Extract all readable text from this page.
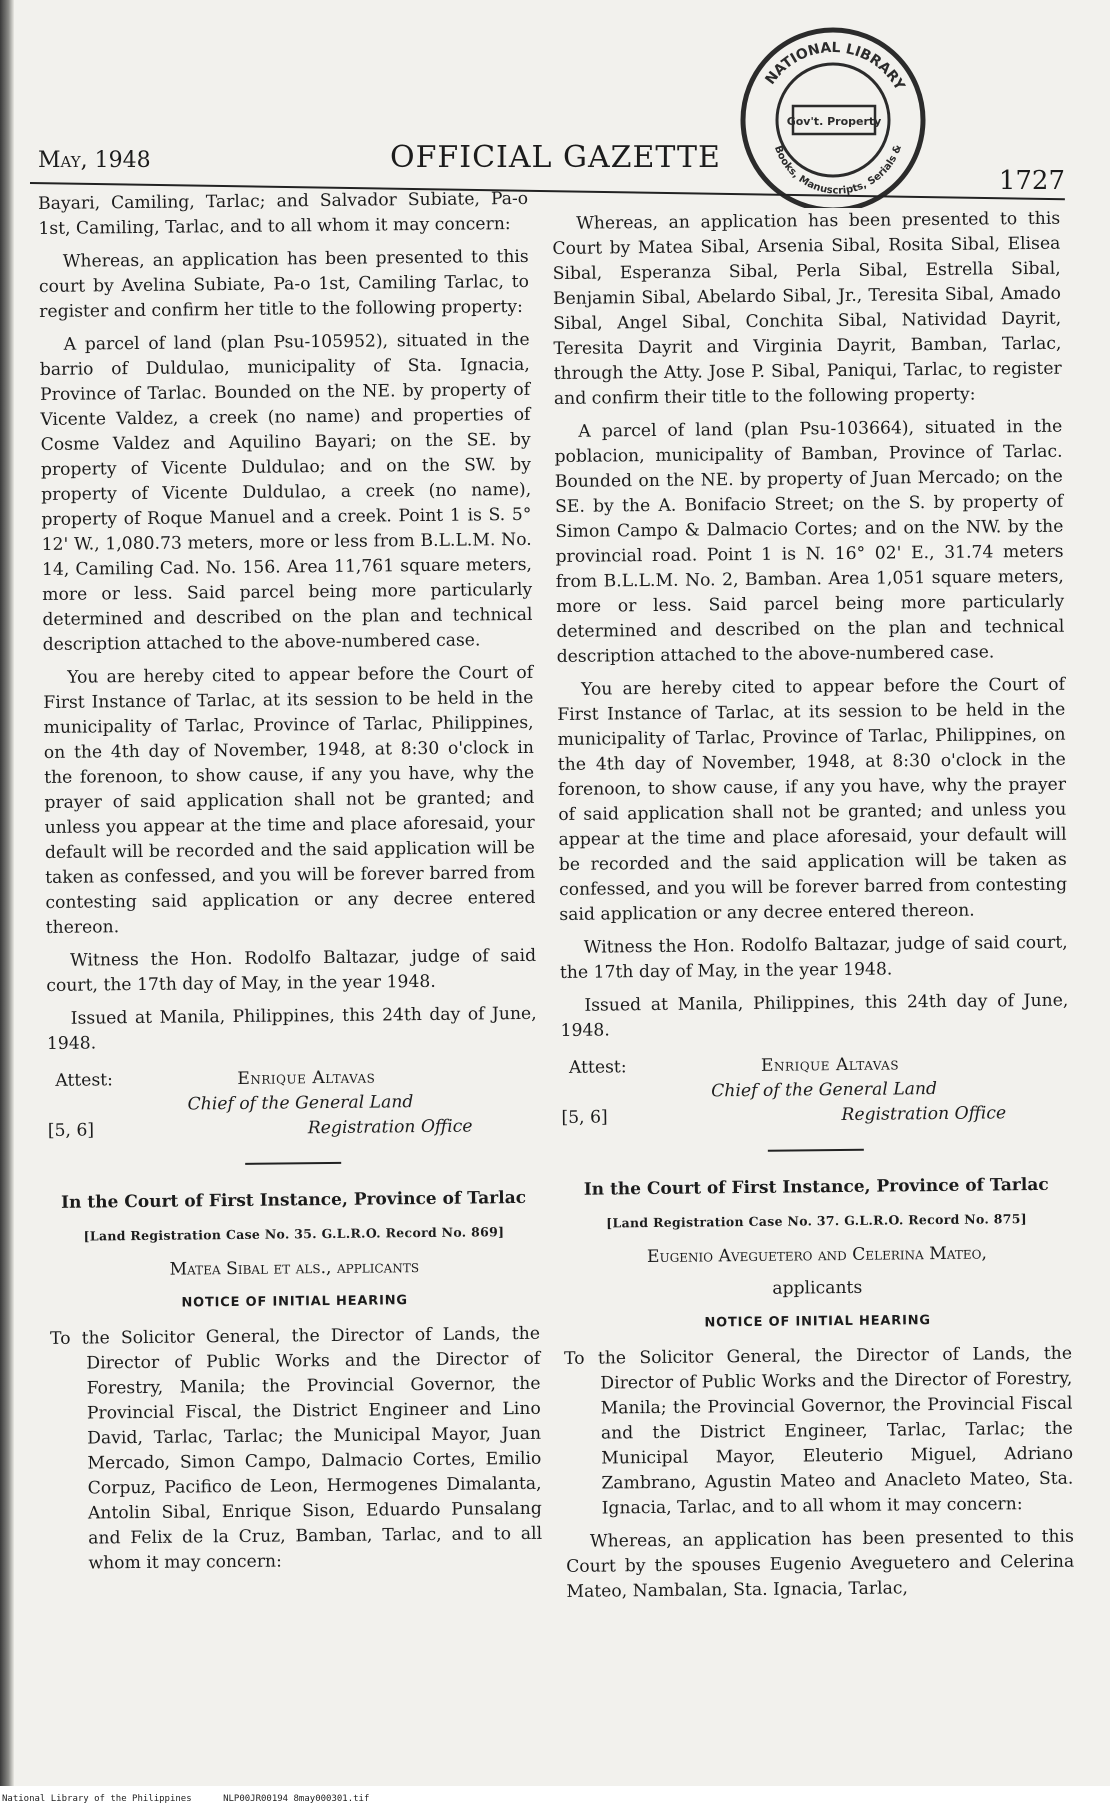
NATIONAL LIBRARY
Books, Manuscripts, Serials &
Gov't. Property
May, 1948	OFFICIAL GAZETTE
1727

Bayari, Camiling, Tarlac; and Salvador Subiate, Pa-o 1st, Camiling, Tarlac, and to all whom it may concern:

Whereas, an application has been presented to this court by Avelina Subiate, Pa-o 1st, Camiling Tarlac, to register and confirm her title to the following property:

A parcel of land (plan Psu-105952), situated in the barrio of Duldulao, municipality of Sta. Ignacia, Province of Tarlac. Bounded on the NE. by property of Vicente Valdez, a creek (no name) and properties of Cosme Valdez and Aquilino Bayari; on the SE. by property of Vicente Duldulao; and on the SW. by property of Vicente Duldulao, a creek (no name), property of Roque Manuel and a creek. Point 1 is S. 5° 12' W., 1,080.73 meters, more or less from B.L.L.M. No. 14, Camiling Cad. No. 156. Area 11,761 square meters, more or less. Said parcel being more particularly determined and described on the plan and technical description attached to the above-numbered case.

You are hereby cited to appear before the Court of First Instance of Tarlac, at its session to be held in the municipality of Tarlac, Province of Tarlac, Philippines, on the 4th day of November, 1948, at 8:30 o'clock in the forenoon, to show cause, if any you have, why the prayer of said application shall not be granted; and unless you appear at the time and place aforesaid, your default will be recorded and the said application will be taken as confessed, and you will be forever barred from contesting said application or any decree entered thereon.

Witness the Hon. Rodolfo Baltazar, judge of said court, the 17th day of May, in the year 1948.

Issued at Manila, Philippines, this 24th day of June, 1948.

Attest:	Enrique Altavas
Chief of the General Land
[5, 6]	Registration Office
In the Court of First Instance, Province of Tarlac
[Land Registration Case No. 35. G.L.R.O. Record No. 869]
Matea Sibal et als., applicants
NOTICE OF INITIAL HEARING

To the Solicitor General, the Director of Lands, the Director of Public Works and the Director of Forestry, Manila; the Provincial Governor, the Provincial Fiscal, the District Engineer and Lino David, Tarlac, Tarlac; the Municipal Mayor, Juan Mercado, Simon Campo, Dalmacio Cortes, Emilio Corpuz, Pacifico de Leon, Hermogenes Dimalanta, Antolin Sibal, Enrique Sison, Eduardo Punsalang and Felix de la Cruz, Bamban, Tarlac, and to all whom it may concern:

Whereas, an application has been presented to this Court by Matea Sibal, Arsenia Sibal, Rosita Sibal, Elisea Sibal, Esperanza Sibal, Perla Sibal, Estrella Sibal, Benjamin Sibal, Abelardo Sibal, Jr., Teresita Sibal, Amado Sibal, Angel Sibal, Conchita Sibal, Natividad Dayrit, Teresita Dayrit and Virginia Dayrit, Bamban, Tarlac, through the Atty. Jose P. Sibal, Paniqui, Tarlac, to register and confirm their title to the following property:

A parcel of land (plan Psu-103664), situated in the poblacion, municipality of Bamban, Province of Tarlac. Bounded on the NE. by property of Juan Mercado; on the SE. by the A. Bonifacio Street; on the S. by property of Simon Campo & Dalmacio Cortes; and on the NW. by the provincial road. Point 1 is N. 16° 02' E., 31.74 meters from B.L.L.M. No. 2, Bamban. Area 1,051 square meters, more or less. Said parcel being more particularly determined and described on the plan and technical description attached to the above-numbered case.

You are hereby cited to appear before the Court of First Instance of Tarlac, at its session to be held in the municipality of Tarlac, Province of Tarlac, Philippines, on the 4th day of November, 1948, at 8:30 o'clock in the forenoon, to show cause, if any you have, why the prayer of said application shall not be granted; and unless you appear at the time and place aforesaid, your default will be recorded and the said application will be taken as confessed, and you will be forever barred from contesting said application or any decree entered thereon.

Witness the Hon. Rodolfo Baltazar, judge of said court, the 17th day of May, in the year 1948.

Issued at Manila, Philippines, this 24th day of June, 1948.

Attest:	Enrique Altavas
Chief of the General Land
[5, 6]	Registration Office
In the Court of First Instance, Province of Tarlac
[Land Registration Case No. 37. G.L.R.O. Record No. 875]
Eugenio Aveguetero and Celerina Mateo,
applicants
NOTICE OF INITIAL HEARING

To the Solicitor General, the Director of Lands, the Director of Public Works and the Director of Forestry, Manila; the Provincial Governor, the Provincial Fiscal and the District Engineer, Tarlac, Tarlac; the Municipal Mayor, Eleuterio Miguel, Adriano Zambrano, Agustin Mateo and Anacleto Mateo, Sta. Ignacia, Tarlac, and to all whom it may concern:

Whereas, an application has been presented to this Court by the spouses Eugenio Aveguetero and Celerina Mateo, Nambalan, Sta. Ignacia, Tarlac,

National Library of the Philippines	NLP00JR00194 8may000301.tif
